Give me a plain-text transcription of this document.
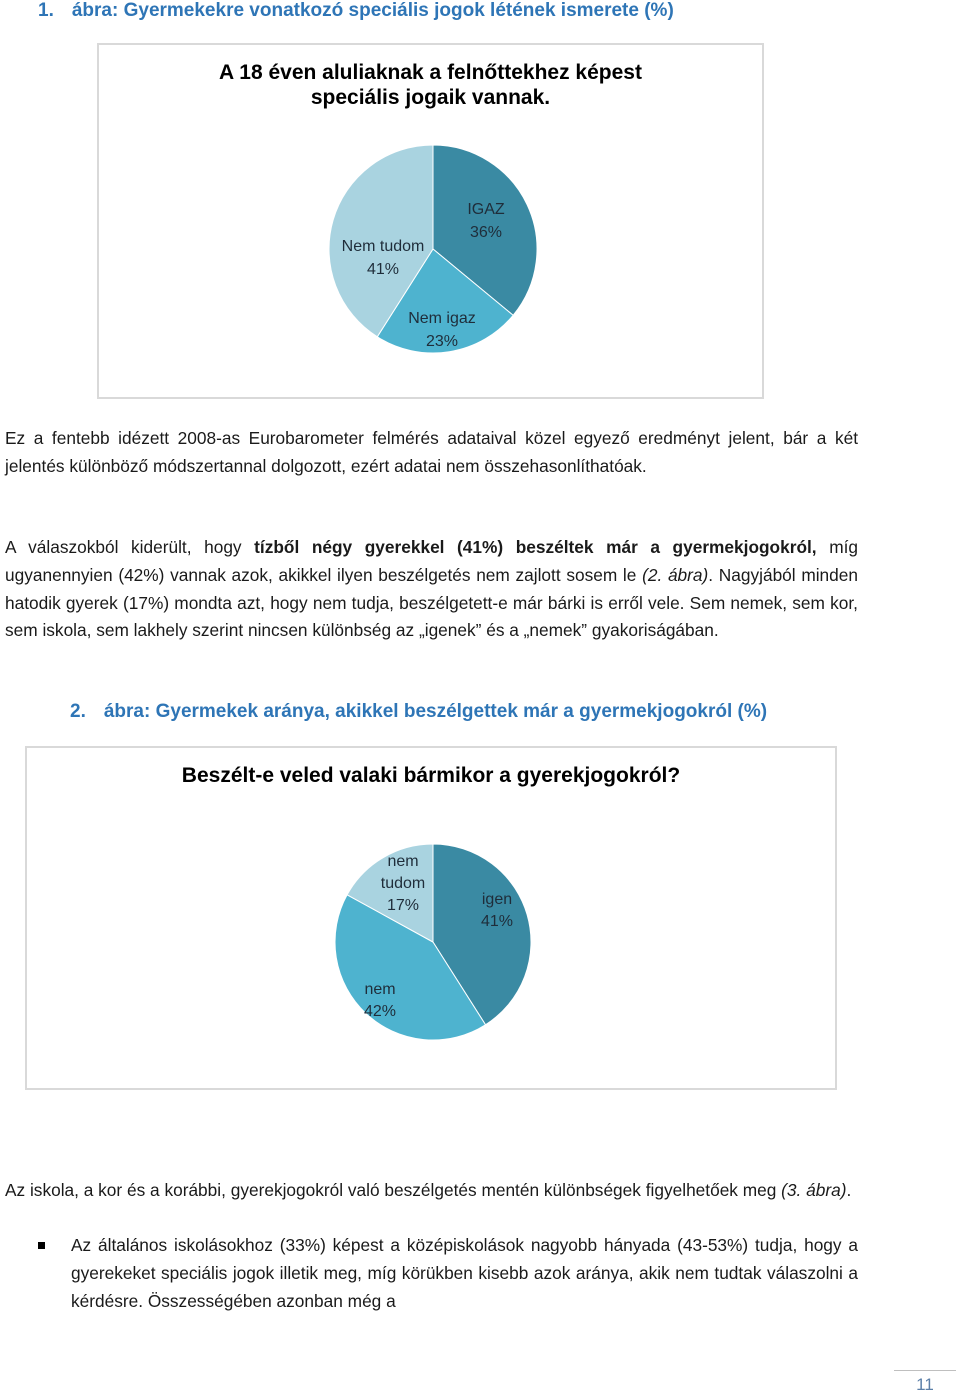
1. ábra: Gyermekekre vonatkozó speciális jogok létének ismerete (%)
A 18 éven aluliaknak a felnőttekhez képest
speciális jogaik vannak.
IGAZ
36%
Nem igaz
23%
Nem tudom
41%
Ez a fentebb idézett 2008-as Eurobarometer felmérés adataival közel egyező eredményt jelent, bár a két jelentés különböző módszertannal dolgozott, ezért adatai nem összehasonlíthatóak.
A válaszokból kiderült, hogy tízből négy gyerekkel (41%) beszéltek már a gyermekjogokról, míg ugyanennyien (42%) vannak azok, akikkel ilyen beszélgetés nem zajlott sosem le (2. ábra). Nagyjából minden hatodik gyerek (17%) mondta azt, hogy nem tudja, beszélgetett-e már bárki is erről vele. Sem nemek, sem kor, sem iskola, sem lakhely szerint nincsen különbség az „igenek” és a „nemek” gyakoriságában.
2. ábra: Gyermekek aránya, akikkel beszélgettek már a gyermekjogokról (%)
Beszélt-e veled valaki bármikor a gyerekjogokról?
igen
41%
nem
42%
nem
tudom
17%
Az iskola, a kor és a korábbi, gyerekjogokról való beszélgetés mentén különbségek figyelhetőek meg (3. ábra).
Az általános iskolásokhoz (33%) képest a középiskolások nagyobb hányada (43-53%) tudja, hogy a gyerekeket speciális jogok illetik meg, míg körükben kisebb azok aránya, akik nem tudtak válaszolni a kérdésre. Összességében azonban még a
11
